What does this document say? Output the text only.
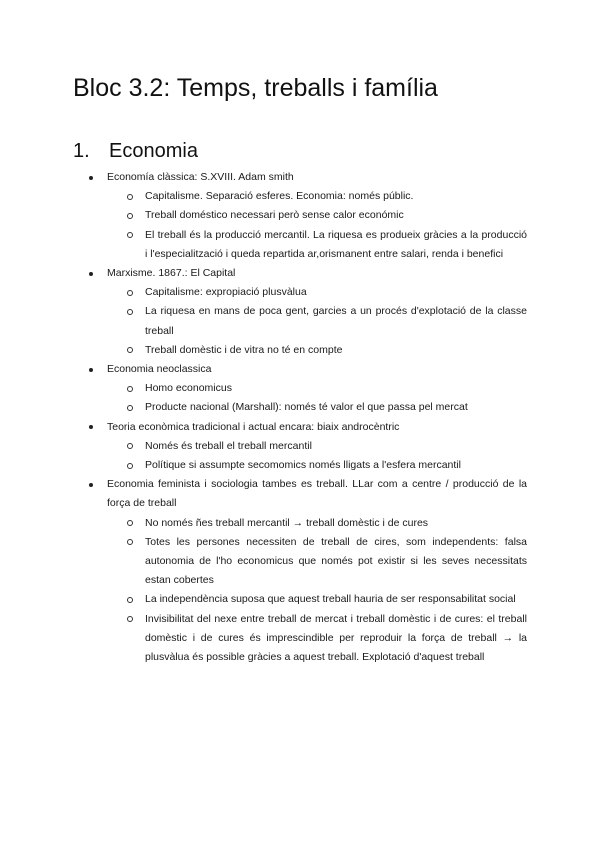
Bloc 3.2: Temps, treballs i família
1. Economia
Economía clàssica: S.XVIII. Adam smith
Capitalisme. Separació esferes. Economia: només públic.
Treball doméstico necessari però sense calor económic
El treball és la producció mercantil. La riquesa es produeix gràcies a la producció i l'especialització i queda repartida ar,orismanent entre salari, renda i benefici
Marxisme. 1867.: El Capital
Capitalisme: expropiació plusvàlua
La riquesa en mans de poca gent, garcies a un procés d'explotació de la classe treball
Treball domèstic i de vitra no té en compte
Economia neoclassica
Homo economicus
Producte nacional (Marshall): només té valor el que passa pel mercat
Teoria econòmica tradicional i actual encara: biaix androcèntric
Només és treball el treball mercantil
Polítique si assumpte secomomics només lligats a l'esfera mercantil
Economia feminista i sociologia tambes es treball. LLar com a centre / producció de la força de treball
No només ñes treball mercantil → treball domèstic i de cures
Totes les persones necessiten de treball de cires, som independents: falsa autonomia de l'ho economicus que només pot existir si les seves necessitats estan cobertes
La independència suposa que aquest treball hauria de ser responsabilitat social
Invisibilitat del nexe entre treball de mercat i treball domèstic i de cures: el treball domèstic i de cures és imprescindible per reproduir la força de treball → la plusvàlua és possible gràcies a aquest treball. Explotació d'aquest treball
